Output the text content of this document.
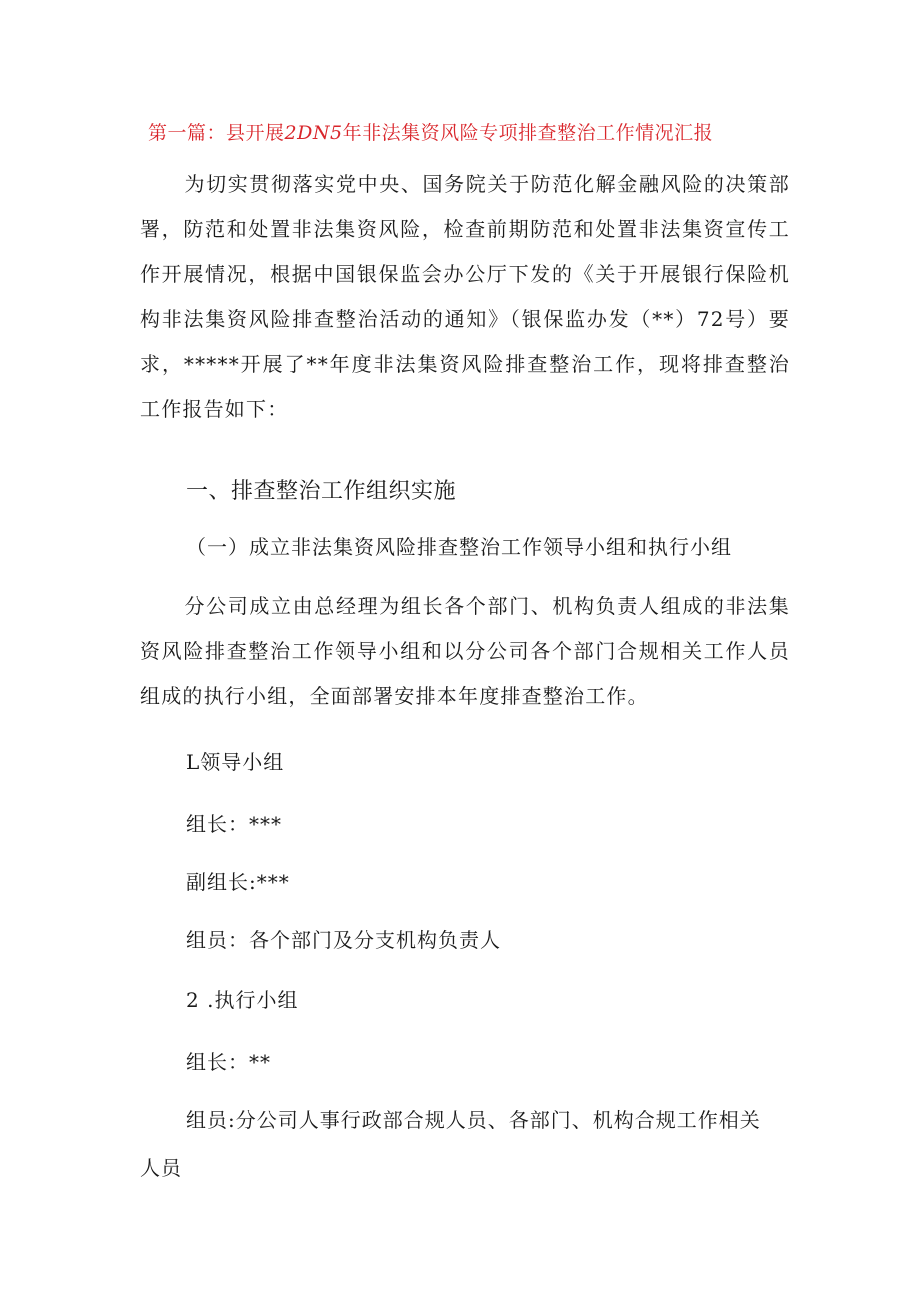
第一篇：县开展2DN5年非法集资风险专项排查整治工作情况汇报
为切实贯彻落实党中央、国务院关于防范化解金融风险的决策部署，防范和处置非法集资风险，检查前期防范和处置非法集资宣传工作开展情况，根据中国银保监会办公厅下发的《关于开展银行保险机构非法集资风险排查整治活动的通知》（银保监办发（**）72号）要求，*****开展了**年度非法集资风险排查整治工作，现将排查整治工作报告如下：
一、排查整治工作组织实施
（一）成立非法集资风险排查整治工作领导小组和执行小组
分公司成立由总经理为组长各个部门、机构负责人组成的非法集资风险排查整治工作领导小组和以分公司各个部门合规相关工作人员组成的执行小组，全面部署安排本年度排查整治工作。
L领导小组
组长：***
副组长:***
组员：各个部门及分支机构负责人
2 .执行小组
组长：**
组员:分公司人事行政部合规人员、各部门、机构合规工作相关
人员
